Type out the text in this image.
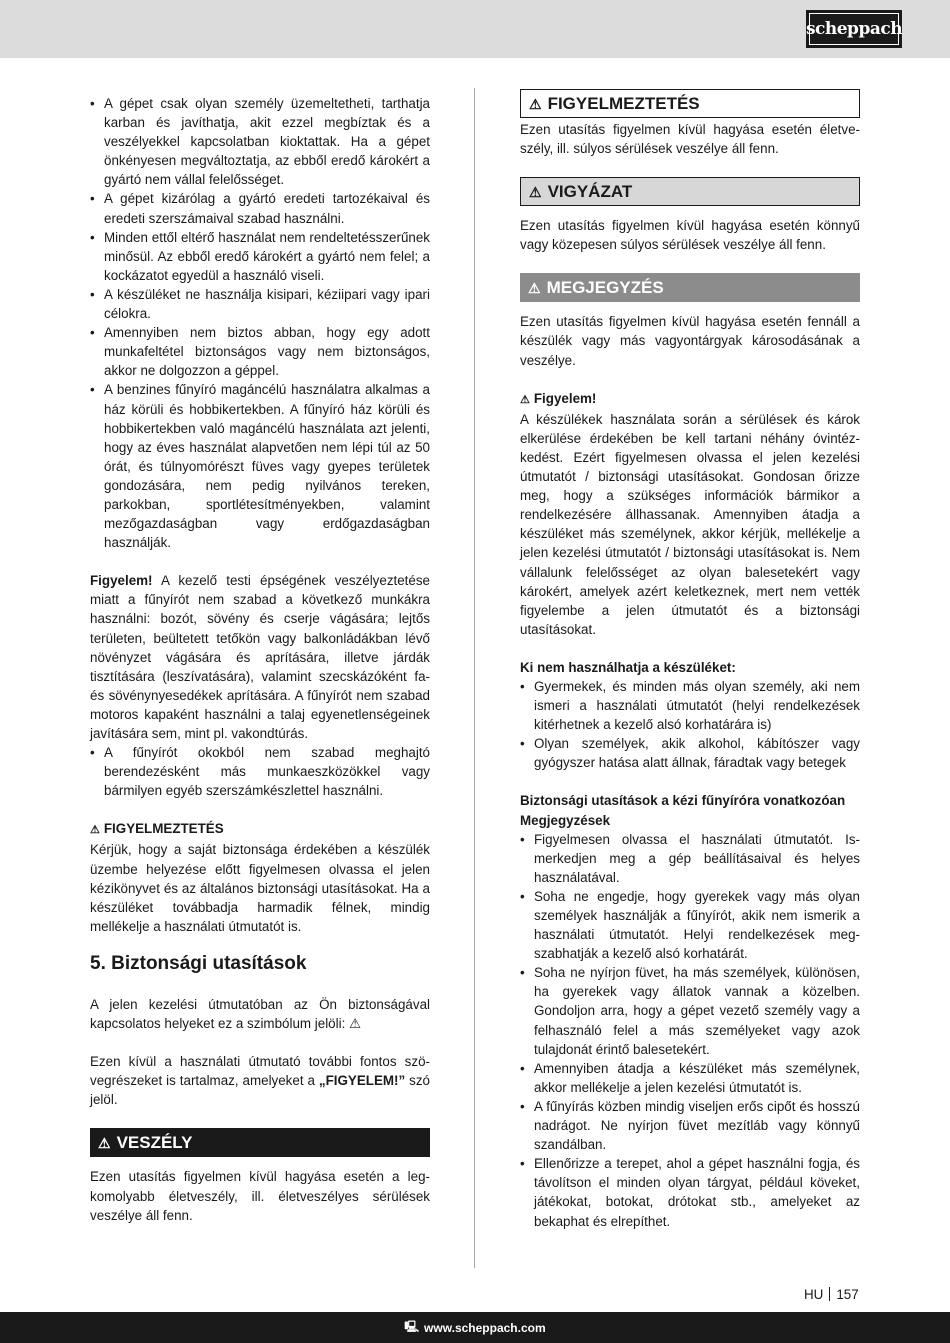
scheppach
• A gépet csak olyan személy üzemeltetheti, tarthatja karban és javíthatja, akit ezzel megbíztak és a veszélyekkel kapcsolatban kioktattak. Ha a gépet önkényesen megváltoztatja, az ebből eredő károkért a gyártó nem vállal felelősséget.
• A gépet kizárólag a gyártó eredeti tartozékaival és eredeti szerszámaival szabad használni.
• Minden ettől eltérő használat nem rendeltetésszerűnek minősül. Az ebből eredő károkért a gyártó nem felel; a kockázatot egyedül a használó viseli.
• A készüléket ne használja kisipari, kéziipari vagy ipari célokra.
• Amennyiben nem biztos abban, hogy egy adott munkafeltétel biztonságos vagy nem biztonságos, akkor ne dolgozzon a géppel.
• A benzines fűnyíró magáncélú használatra alkalmas a ház körüli és hobbikertekben. A fűnyíró ház körüli és hobbikertekben való magáncélú használata azt jelenti, hogy az éves használat alapvetően nem lépi túl az 50 órát, és túlnyomórészt füves vagy gyepes területek gondozására, nem pedig nyilvános tereken, parkokban, sportlétesítményekben, valamint mezőgazdaságban vagy erdőgazdaságban használják.

Figyelem! A kezelő testi épségének veszélyeztetése miatt a fűnyírót nem szabad a következő munkákra használni: bozót, sövény és cserje vágására; lejtős területen, beültetett tetőkön vagy balkonládákban lévő növényzet vágására és aprítására, illetve járdák tisztítására (leszívatására), valamint szecskázóként fa- és sövénynyesedékek aprítására. A fűnyírót nem szabad motoros kapaként használni a talaj egyenetlenségeinek javítására sem, mint pl. vakondtúrás.

• A fűnyírót okokból nem szabad meghajtó berendezésként más munkaeszközökkel vagy bármilyen egyéb szerszámkészlettel használni.
⚠ FIGYELMEZTETÉS

Kérjük, hogy a saját biztonsága érdekében a készülék üzembe helyezése előtt figyelmesen olvassa el jelen kézikönyvet és az általános biztonsági utasításokat. Ha a készüléket továbbadja harmadik félnek, mindig mellékelje a használati útmutatót is.

5. Biztonsági utasítások

A jelen kezelési útmutatóban az Ön biztonságával kapcsolatos helyeket ez a szimbólum jelöli: ⚠

Ezen kívül a használati útmutató további fontos szövegrészeket is tartalmaz, amelyeket a „FIGYELEM!” szó jelöl.

⚠ VESZÉLY

Ezen utasítás figyelmen kívül hagyása esetén a legkomolyabb életveszély, ill. életveszélyes sérülések veszélye áll fenn.

⚠ FIGYELMEZTETÉS

Ezen utasítás figyelmen kívül hagyása esetén életveszély, ill. súlyos sérülések veszélye áll fenn.

⚠ VIGYÁZAT

Ezen utasítás figyelmen kívül hagyása esetén könnyű vagy közepesen súlyos sérülések veszélye áll fenn.

⚠ MEGJEGYZÉS

Ezen utasítás figyelmen kívül hagyása esetén fennáll a készülék vagy más vagyontárgyak károsodásának a veszélye.

⚠ Figyelem!

A készülékek használata során a sérülések és károk elkerülése érdekében be kell tartani néhány óvintézkedést. Ezért figyelmesen olvassa el jelen kezelési útmutatót / biztonsági utasításokat. Gondosan őrizze meg, hogy a szükséges információk bármikor a rendelkezésére állhassanak. Amennyiben átadja a készüléket más személynek, akkor kérjük, mellékelje a jelen kezelési útmutatót / biztonsági utasításokat is. Nem vállalunk felelősséget az olyan balesetekért vagy károkért, amelyek azért keletkeznek, mert nem vették figyelembe a jelen útmutatót és a biztonsági utasításokat.

Ki nem használhatja a készüléket:
• Gyermekek, és minden más olyan személy, aki nem ismeri a használati útmutatót (helyi rendelkezések kitérhetnek a kezelő alsó korhatárára is)
• Olyan személyek, akik alkohol, kábítószer vagy gyógyszer hatása alatt állnak, fáradtak vagy betegek

Biztonsági utasítások a kézi fűnyíróra vonatkozóan

Megjegyzések
• Figyelmesen olvassa el használati útmutatót. Ismerkedjen meg a gép beállításaival és helyes használatával.
• Soha ne engedje, hogy gyerekek vagy más olyan személyek használják a fűnyírót, akik nem ismerik a használati útmutatót. Helyi rendelkezések megszabhatják a kezelő alsó korhatárát.
• Soha ne nyírjon füvet, ha más személyek, különösen, ha gyerekek vagy állatok vannak a közelben. Gondoljon arra, hogy a gépet vezető személy vagy a felhasználó felel a más személyeket vagy azok tulajdonát érintő balesetekért.
• Amennyiben átadja a készüléket más személynek, akkor mellékelje a jelen kezelési útmutatót is.
• A fűnyírás közben mindig viseljen erős cipőt és hosszú nadrágot. Ne nyírjon füvet mezítláb vagy könnyű szandálban.
• Ellenőrizze a terepet, ahol a gépet használni fogja, és távolítson el minden olyan tárgyat, például köveket, játékokat, botokat, drótokat stb., amelyeket az bekaphat és elrepíthet.
HU 157
🖳 www.scheppach.com
